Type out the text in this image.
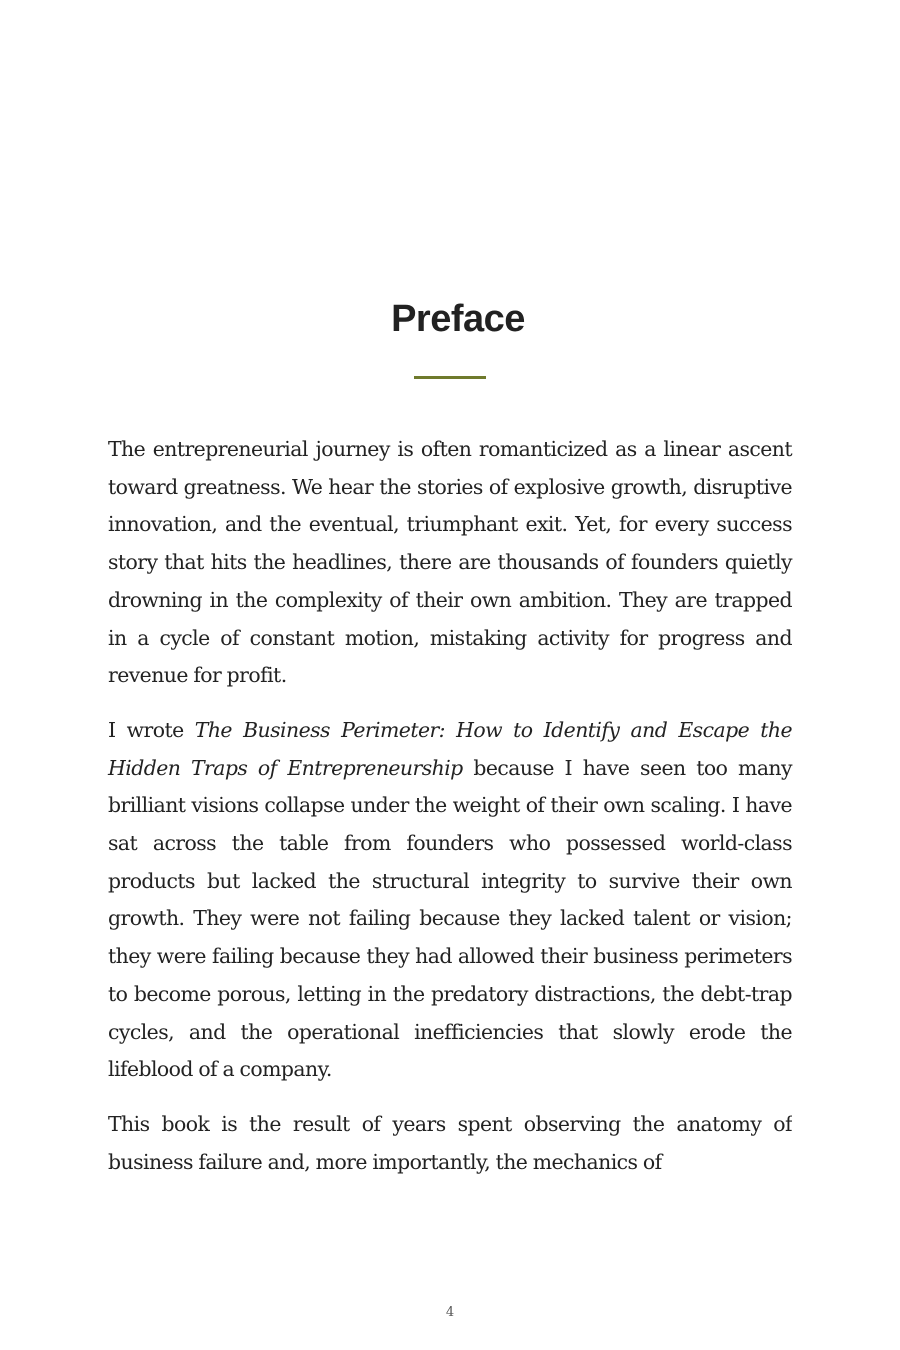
Preface

The entrepreneurial journey is often romanticized as a linear ascent toward greatness. We hear the stories of explosive growth, disruptive innovation, and the eventual, triumphant exit. Yet, for every success story that hits the headlines, there are thousands of founders quietly drowning in the complexity of their own ambition. They are trapped in a cycle of constant motion, mistaking activity for progress and revenue for profit.

I wrote The Business Perimeter: How to Identify and Escape the Hidden Traps of Entrepreneurship because I have seen too many brilliant visions collapse under the weight of their own scaling. I have sat across the table from founders who possessed world-class products but lacked the structural integrity to survive their own growth. They were not failing because they lacked talent or vision; they were failing because they had allowed their business perimeters to become porous, letting in the predatory distractions, the debt-trap cycles, and the operational inefficiencies that slowly erode the lifeblood of a company.

This book is the result of years spent observing the anatomy of business failure and, more importantly, the mechanics of

4
